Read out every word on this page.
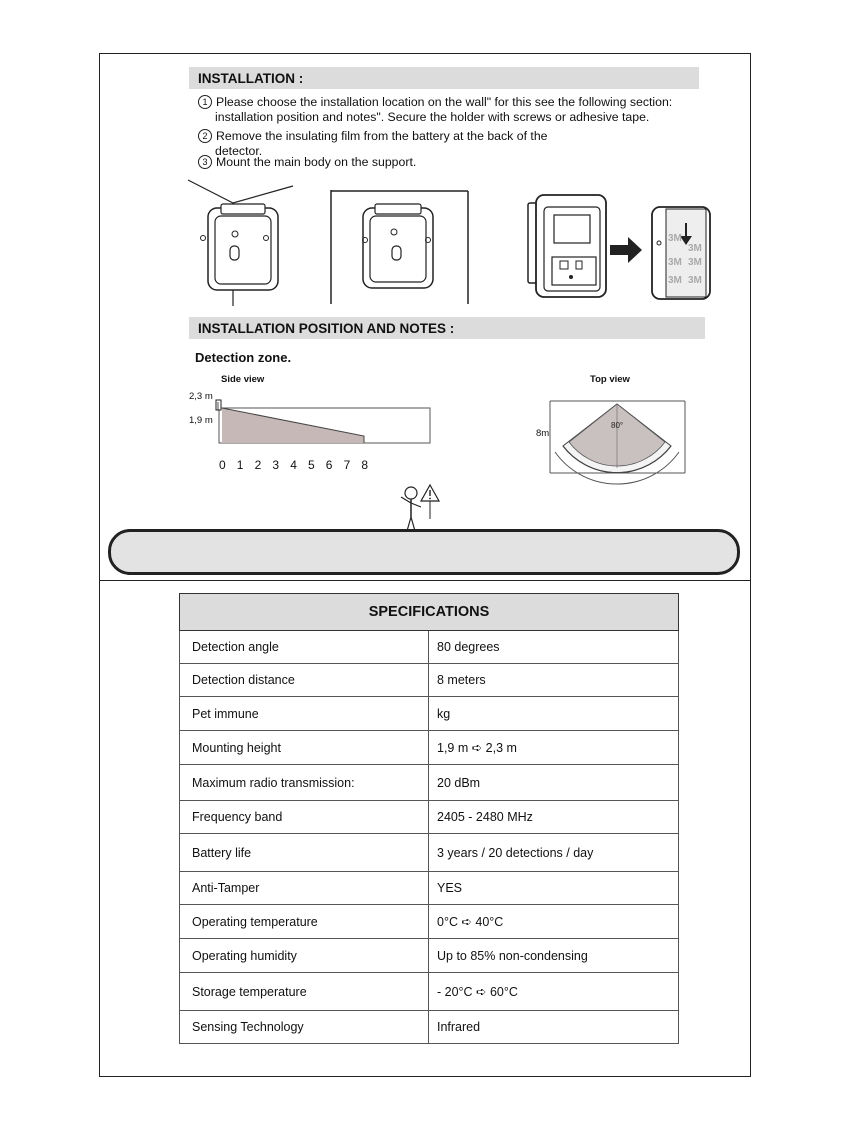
INSTALLATION :
1 Please choose the installation location on the wall" for this see the following section:
installation position and notes". Secure the holder with screws or adhesive tape.
2 Remove the insulating film from the battery at the back of the
detector.
3 Mount the main body on the support.
3M
3M
3M 3M
3M 3M
INSTALLATION POSITION AND NOTES :
Detection zone.
Side view
2,3 m
1,9 m
0 1 2 3 4 5 6 7 8
Top view
8m
80°
SPECIFICATIONS	
Detection angle	80 degrees
Detection distance	8 meters
Pet immune	kg
Mounting height	1,9 m ➪ 2,3 m
Maximum radio transmission:	20 dBm
Frequency band	2405 - 2480 MHz
Battery life	3 years / 20 detections / day
Anti-Tamper	YES
Operating temperature	0°C ➪ 40°C
Operating humidity	Up to 85% non-condensing
Storage temperature	- 20°C ➪ 60°C
Sensing Technology	Infrared
